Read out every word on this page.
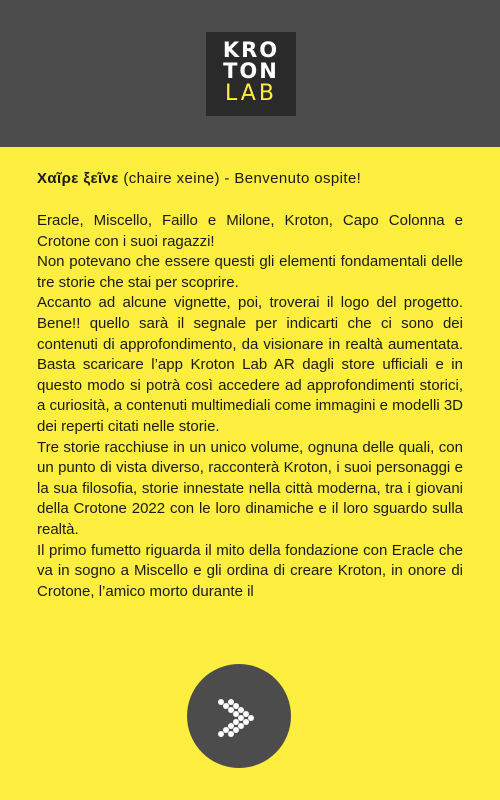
KRO
TON
LAB

Χαῖρε ξεῖνε (chaire xeine) - Benvenuto ospite!

Eracle, Miscello, Faillo e Milone, Kroton, Capo Colonna e Crotone con i suoi ragazzi!

Non potevano che essere questi gli elementi fondamentali delle tre storie che stai per scoprire.

Accanto ad alcune vignette, poi, troverai il logo del progetto. Bene!! quello sarà il segnale per indicarti che ci sono dei contenuti di approfondimento, da visionare in realtà aumentata. Basta scaricare l’app Kroton Lab AR dagli store ufficiali e in questo modo si potrà così accedere ad approfondimenti storici, a curiosità, a contenuti multimediali come immagini e modelli 3D dei reperti citati nelle storie.

Tre storie racchiuse in un unico volume, ognuna delle quali, con un punto di vista diverso, racconterà Kroton, i suoi personaggi e la sua filosofia, storie innestate nella città moderna, tra i giovani della Crotone 2022 con le loro dinamiche e il loro sguardo sulla realtà.

Il primo fumetto riguarda il mito della fondazione con Eracle che va in sogno a Miscello e gli ordina di creare Kroton, in onore di Crotone, l’amico morto durante il
